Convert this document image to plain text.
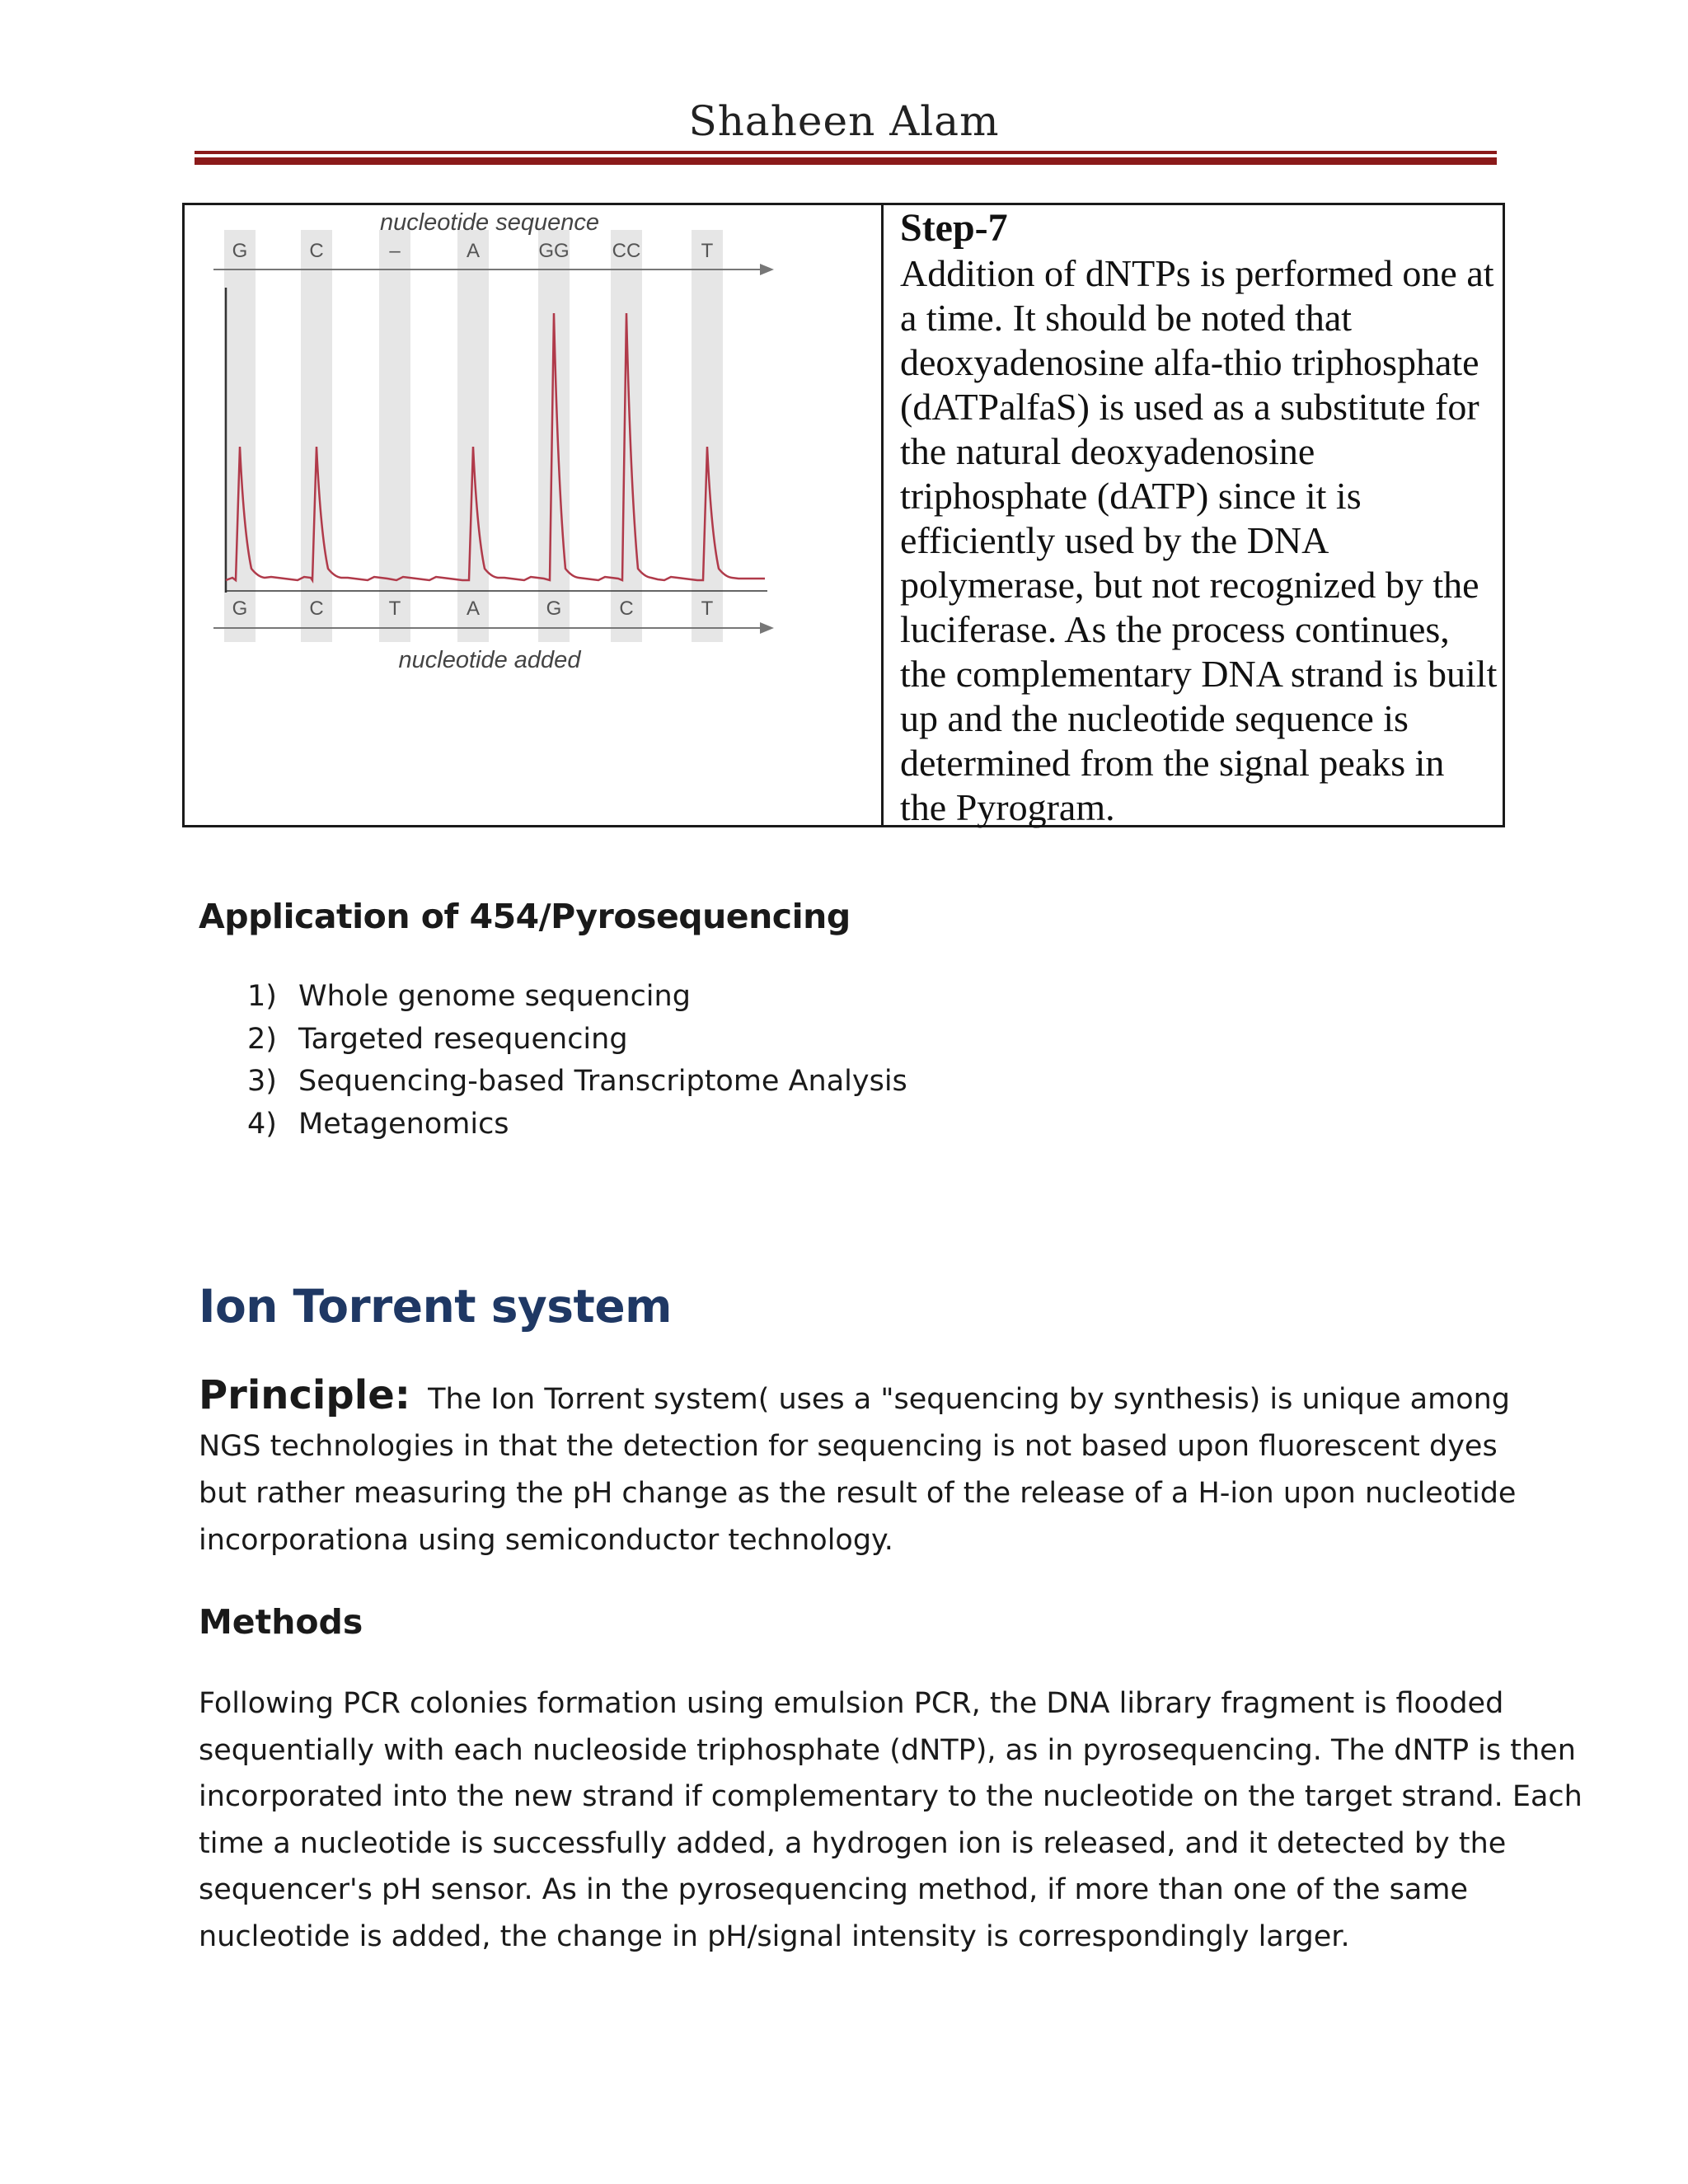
Shaheen Alam
nucleotide sequence
nucleotide added
G
G
C
C
–
T
A
A
GG
G
CC
C
T
T
Step-7
Addition of dNTPs is performed one at a time. It should be noted that deoxyadenosine alfa-thio triphosphate (dATPalfaS) is used as a substitute for the natural deoxyadenosine triphosphate (dATP) since it is efficiently used by the DNA polymerase, but not recognized by the luciferase. As the process continues, the complementary DNA strand is built up and the nucleotide sequence is determined from the signal peaks in the Pyrogram.
Application of 454/Pyrosequencing
1) Whole genome sequencing
2) Targeted resequencing
3) Sequencing-based Transcriptome Analysis
4) Metagenomics
Ion Torrent system
Principle: The Ion Torrent system( uses a "sequencing by synthesis) is unique among NGS technologies in that the detection for sequencing is not based upon fluorescent dyes but rather measuring the pH change as the result of the release of a H-ion upon nucleotide incorporationa using semiconductor technology.
Methods
Following PCR colonies formation using emulsion PCR, the DNA library fragment is flooded
sequentially with each nucleoside triphosphate (dNTP), as in pyrosequencing. The dNTP is then
incorporated into the new strand if complementary to the nucleotide on the target strand. Each
time a nucleotide is successfully added, a hydrogen ion is released, and it detected by the
sequencer's pH sensor. As in the pyrosequencing method, if more than one of the same
nucleotide is added, the change in pH/signal intensity is correspondingly larger.
